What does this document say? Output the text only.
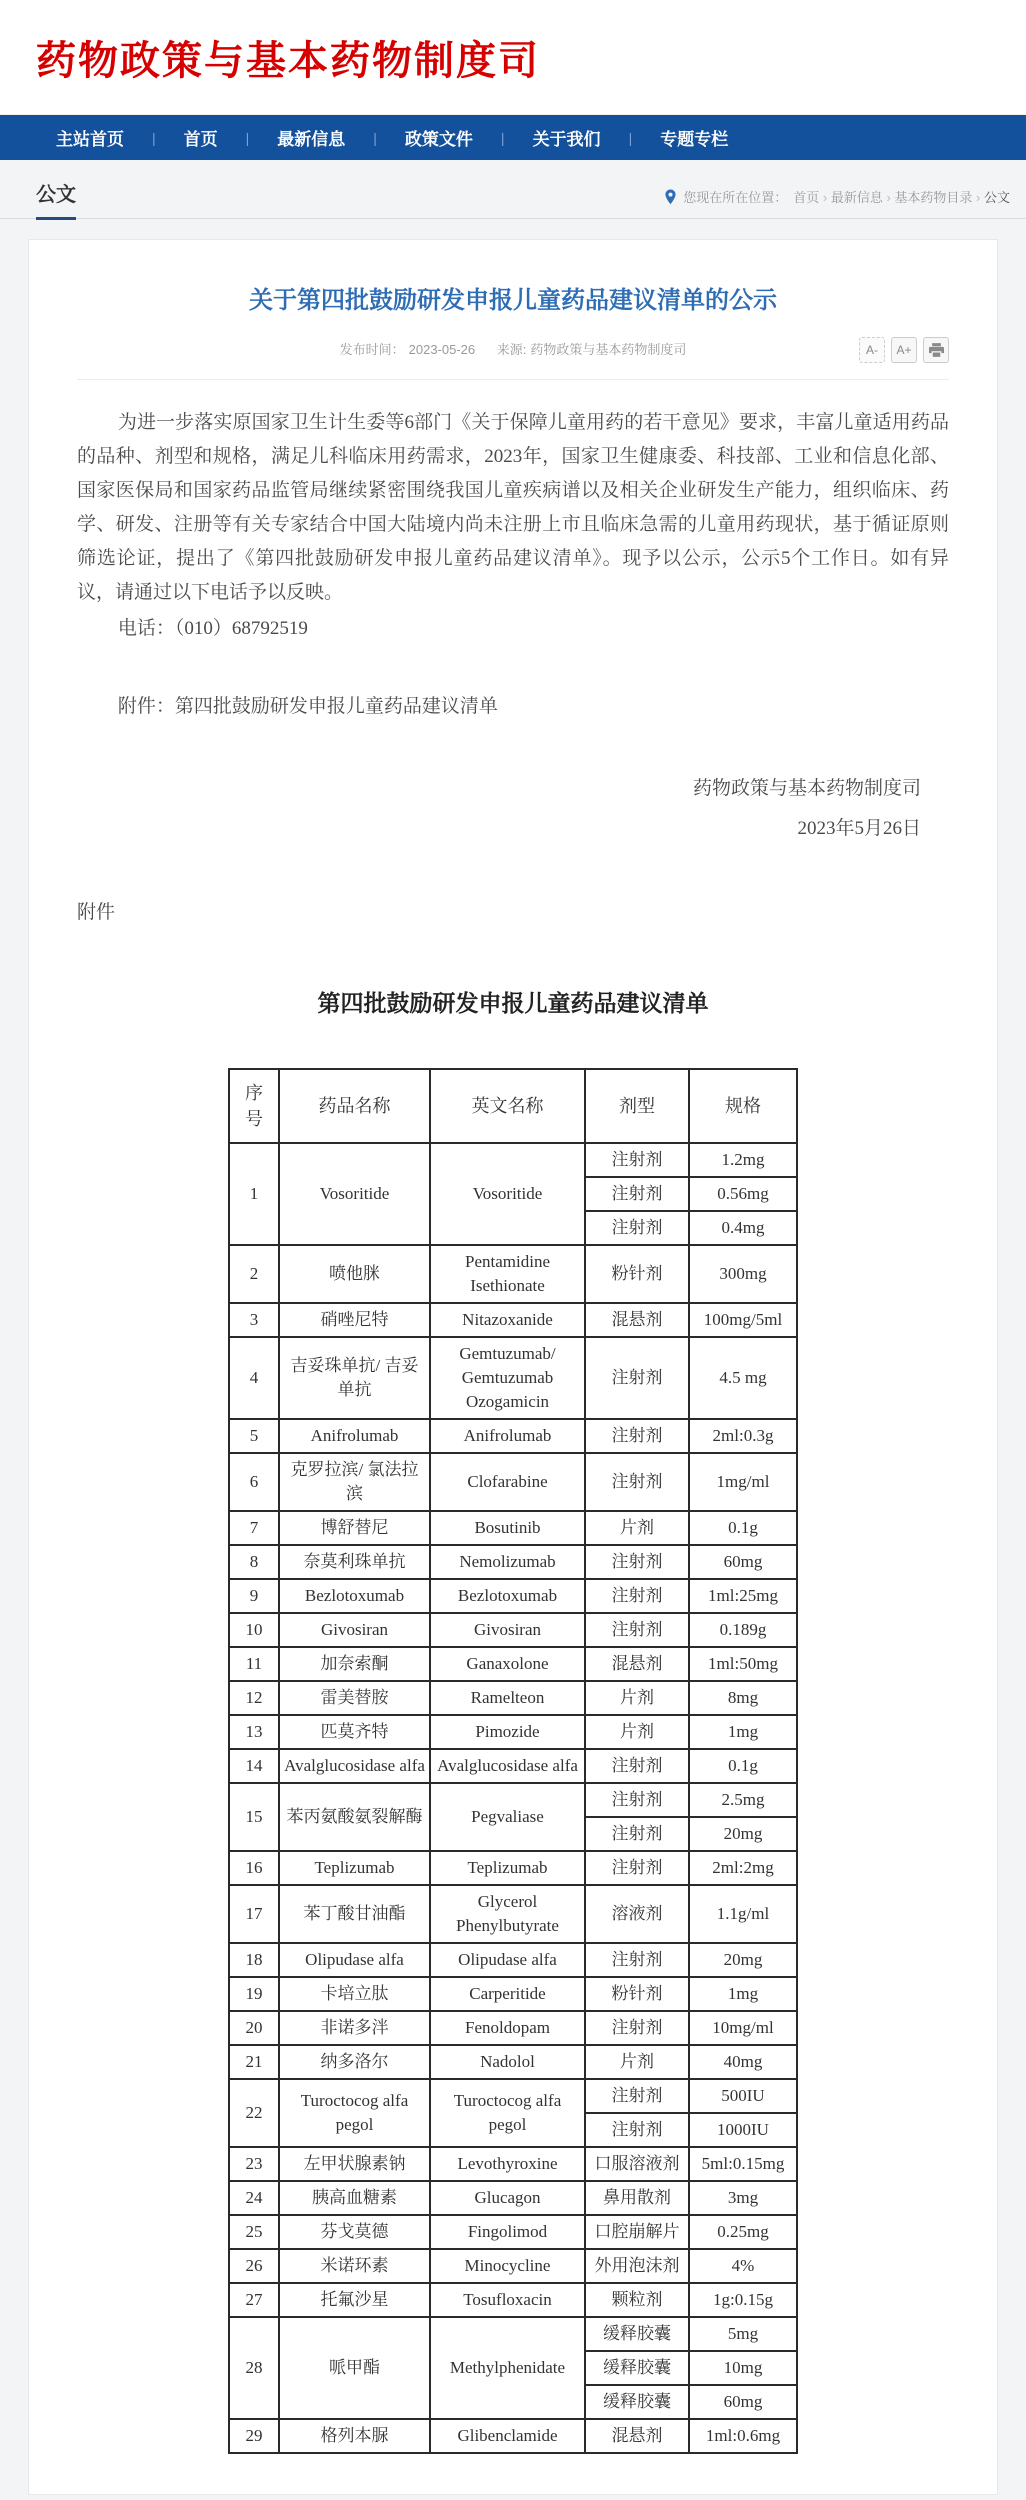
药物政策与基本药物制度司
主站首页	|	首页	|	最新信息	|	政策文件	|	关于我们	|	专题专栏
公文	您现在所在位置： 首页 › 最新信息 › 基本药物目录 › 公文
关于第四批鼓励研发申报儿童药品建议清单的公示
发布时间： 2023-05-26 来源: 药物政策与基本药物制度司	A-	A+

为进一步落实原国家卫生计生委等6部门《关于保障儿童用药的若干意见》要求，丰富儿童适用药品的品种、剂型和规格，满足儿科临床用药需求，2023年，国家卫生健康委、科技部、工业和信息化部、国家医保局和国家药品监管局继续紧密围绕我国儿童疾病谱以及相关企业研发生产能力，组织临床、药学、研发、注册等有关专家结合中国大陆境内尚未注册上市且临床急需的儿童用药现状，基于循证原则筛选论证，提出了《第四批鼓励研发申报儿童药品建议清单》。现予以公示，公示5个工作日。如有异议，请通过以下电话予以反映。

电话：（010）68792519

附件：第四批鼓励研发申报儿童药品建议清单

药物政策与基本药物制度司
2023年5月26日
附件
第四批鼓励研发申报儿童药品建议清单
序号	药品名称	英文名称	剂型	规格
1	Vosoritide	Vosoritide	注射剂	1.2mg
			注射剂	0.56mg
			注射剂	0.4mg
2	喷他脒	Pentamidine Isethionate	粉针剂	300mg
3	硝唑尼特	Nitazoxanide	混悬剂	100mg/5ml
4	吉妥珠单抗/ 吉妥单抗	Gemtuzumab/ Gemtuzumab Ozogamicin	注射剂	4.5 mg
5	Anifrolumab	Anifrolumab	注射剂	2ml:0.3g
6	克罗拉滨/ 氯法拉滨	Clofarabine	注射剂	1mg/ml
7	博舒替尼	Bosutinib	片剂	0.1g
8	奈莫利珠单抗	Nemolizumab	注射剂	60mg
9	Bezlotoxumab	Bezlotoxumab	注射剂	1ml:25mg
10	Givosiran	Givosiran	注射剂	0.189g
11	加奈索酮	Ganaxolone	混悬剂	1ml:50mg
12	雷美替胺	Ramelteon	片剂	8mg
13	匹莫齐特	Pimozide	片剂	1mg
14	Avalglucosidase alfa	Avalglucosidase alfa	注射剂	0.1g
15	苯丙氨酸氨裂解酶	Pegvaliase	注射剂	2.5mg
			注射剂	20mg
16	Teplizumab	Teplizumab	注射剂	2ml:2mg
17	苯丁酸甘油酯	Glycerol Phenylbutyrate	溶液剂	1.1g/ml
18	Olipudase alfa	Olipudase alfa	注射剂	20mg
19	卡培立肽	Carperitide	粉针剂	1mg
20	非诺多泮	Fenoldopam	注射剂	10mg/ml
21	纳多洛尔	Nadolol	片剂	40mg
22	Turoctocog alfa pegol	Turoctocog alfa pegol	注射剂	500IU
			注射剂	1000IU
23	左甲状腺素钠	Levothyroxine	口服溶液剂	5ml:0.15mg
24	胰高血糖素	Glucagon	鼻用散剂	3mg
25	芬戈莫德	Fingolimod	口腔崩解片	0.25mg
26	米诺环素	Minocycline	外用泡沫剂	4%
27	托氟沙星	Tosufloxacin	颗粒剂	1g:0.15g
28	哌甲酯	Methylphenidate	缓释胶囊	5mg
			缓释胶囊	10mg
			缓释胶囊	60mg
29	格列本脲	Glibenclamide	混悬剂	1ml:0.6mg
